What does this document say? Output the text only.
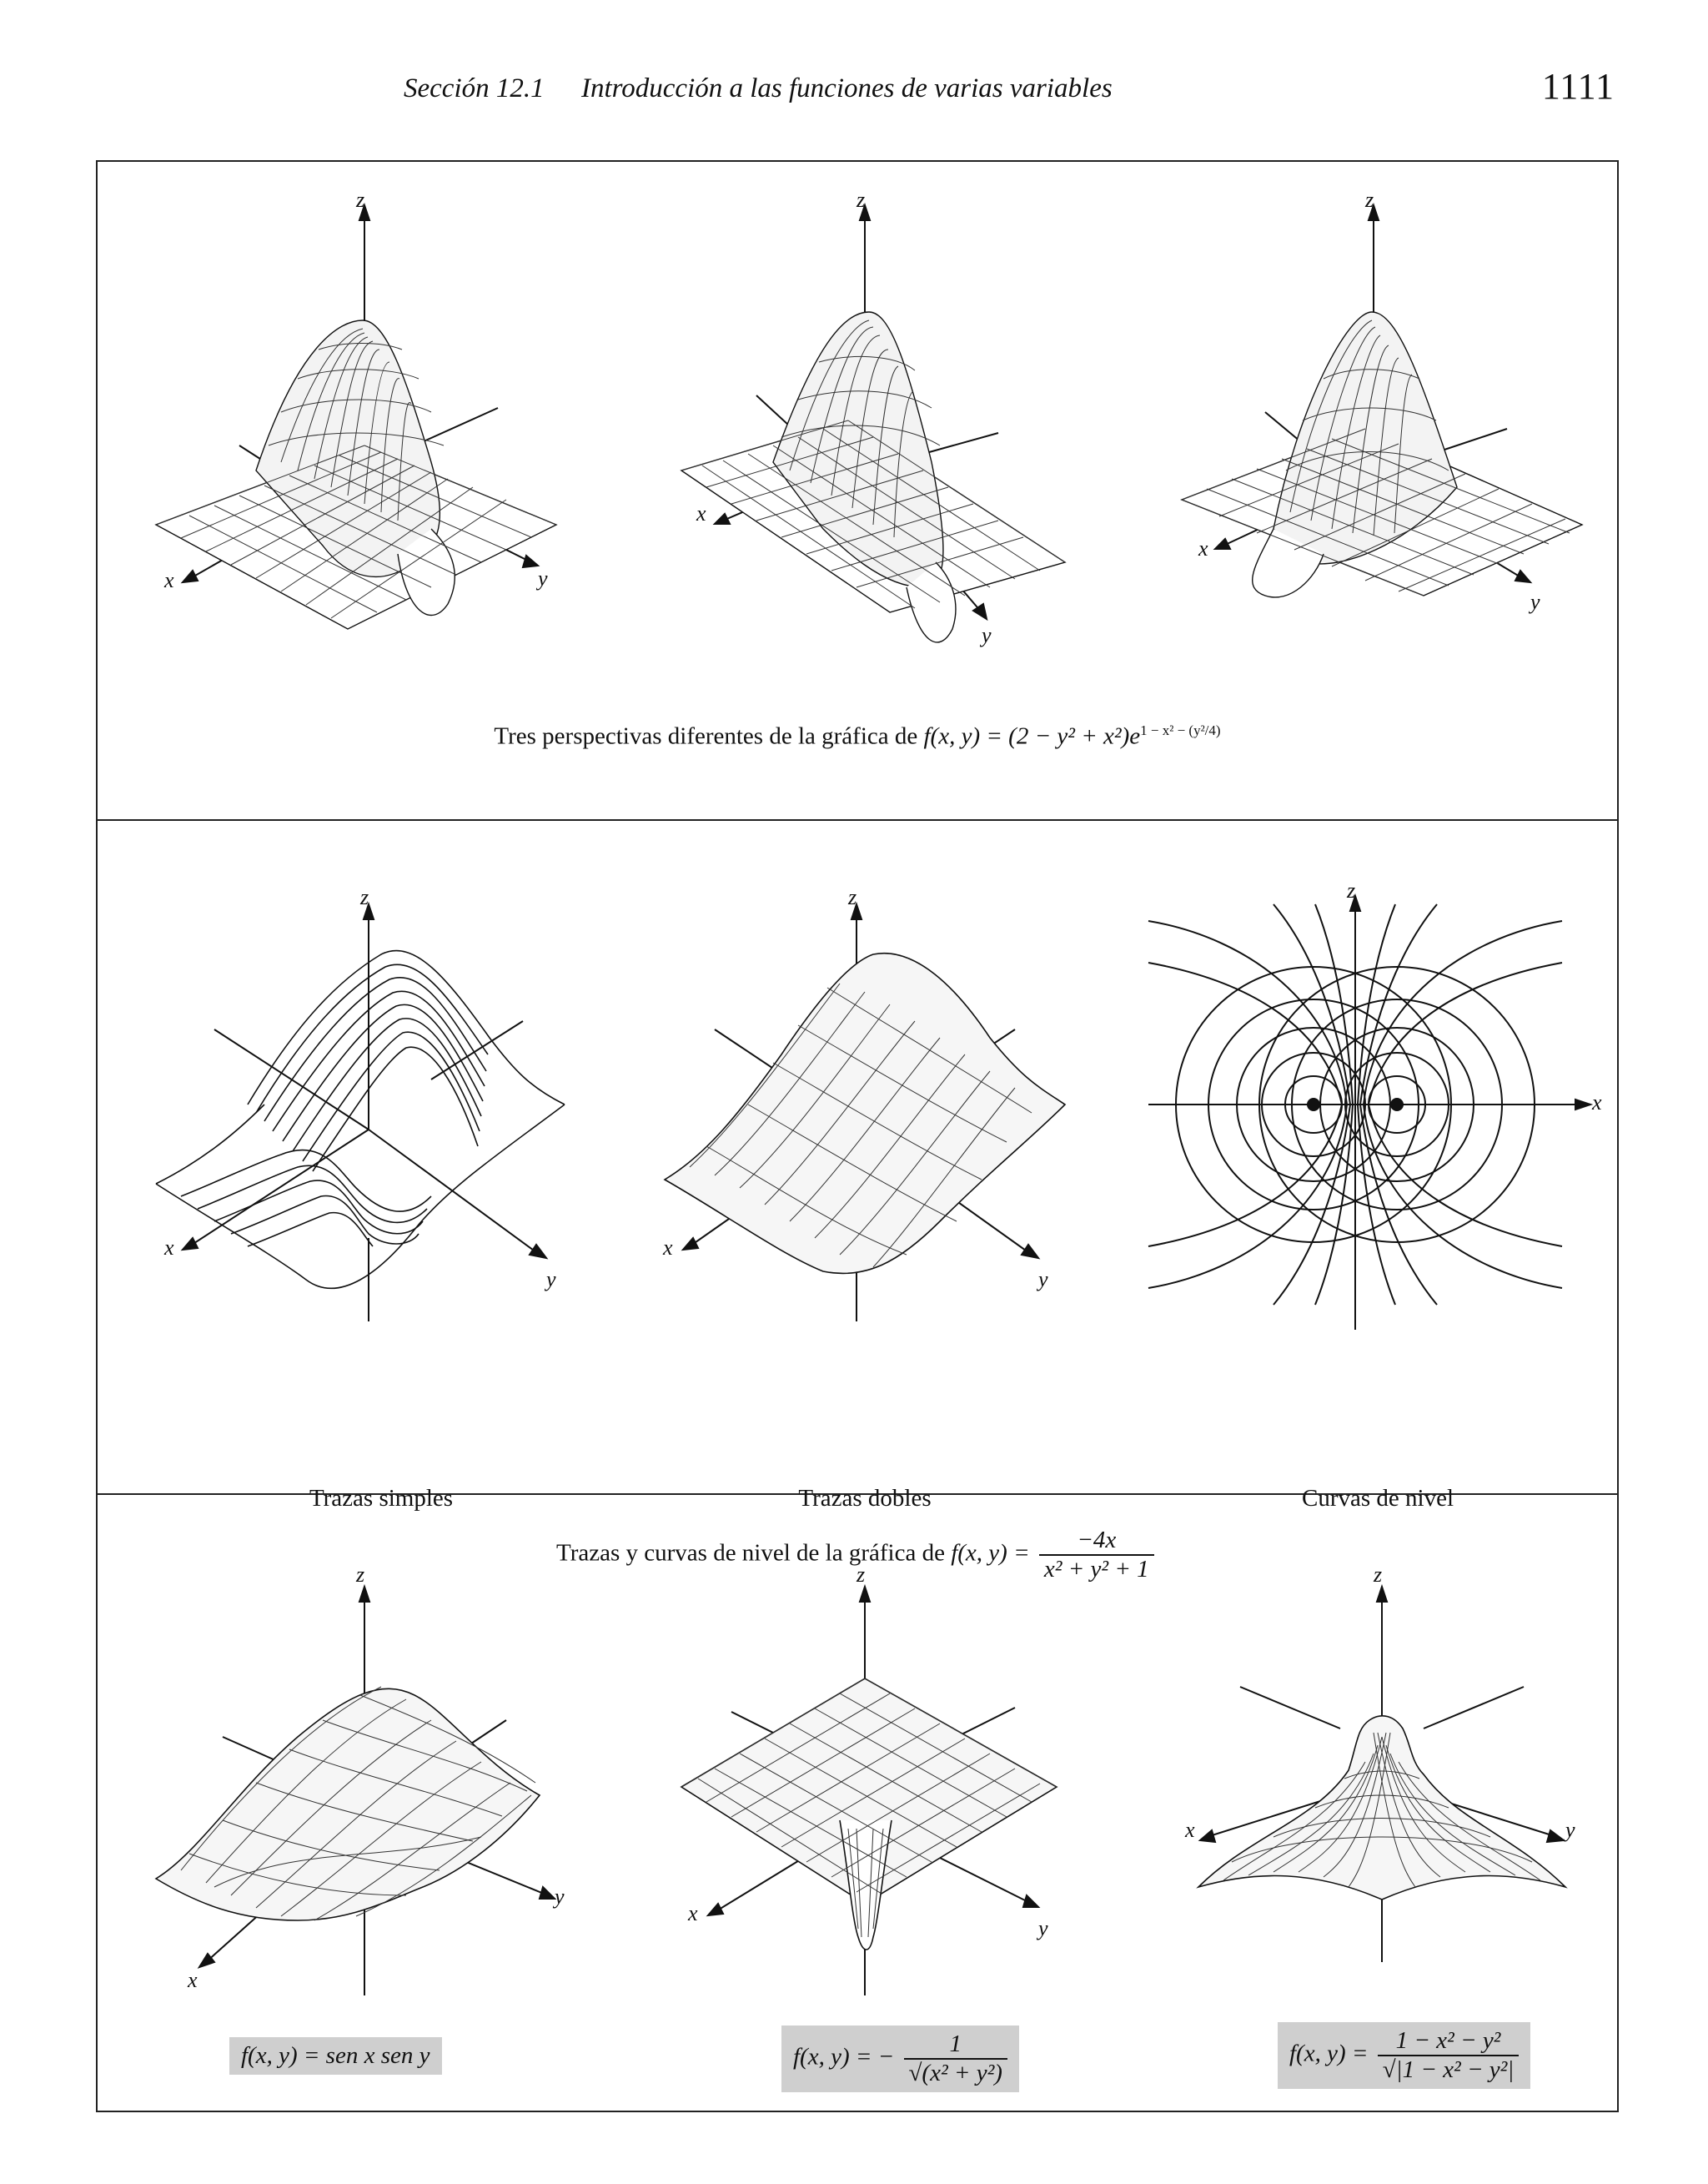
Sección 12.1 Introducción a las funciones de varias variables	1111
z
x	y
z
x
y
z
x
y
Tres perspectivas diferentes de la gráfica de f(x, $y) = (2 - y^2 + x^2)e^{1 - x^2 - (y^2/4)}$
z
x
y
z
x
y
z
x
Trazas simples	Trazas dobles	Curvas de nivel
Trazas y curvas de nivel de la gráfica de f(x, $y) = \frac{-4x}{\text{x² + y² + 1}}$
z
x
y
z
x
y
z
x	y
f(x, y) = sen x sen y	f(x, y) = − $\frac{1}{\text{√(x² + y²)}}$	f(x, $y) = \frac{\text{1 − x² − y²}}{\text{√|1 − x² − y²|}}$
